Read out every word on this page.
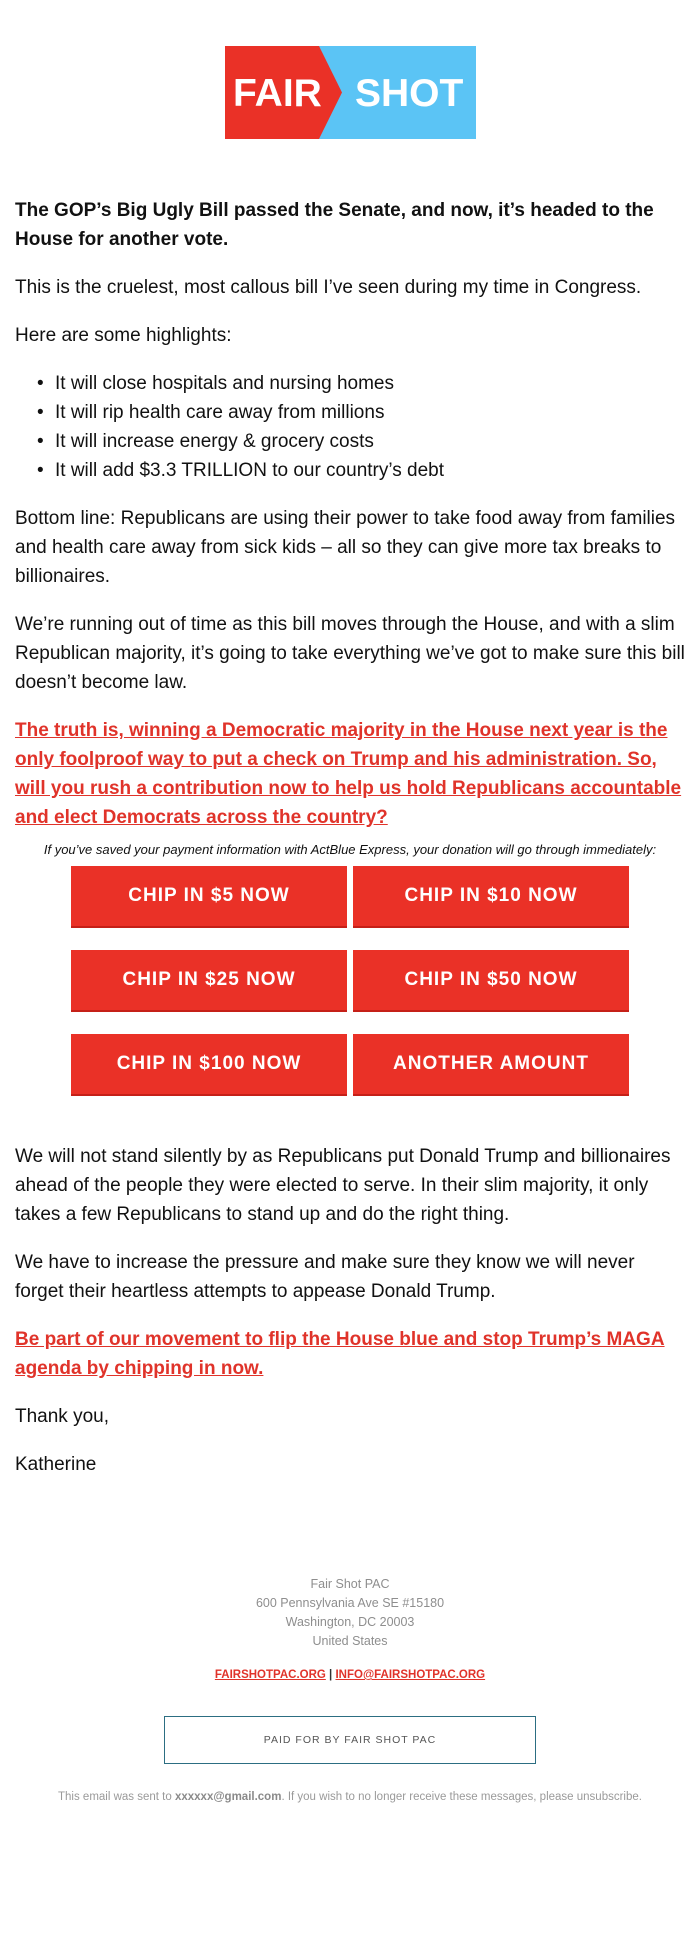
FAIR SHOT

The GOP’s Big Ugly Bill passed the Senate, and now, it’s headed to the House for another vote.

This is the cruelest, most callous bill I’ve seen during my time in Congress.

Here are some highlights:

• It will close hospitals and nursing homes
• It will rip health care away from millions
• It will increase energy & grocery costs
• It will add $3.3 TRILLION to our country’s debt

Bottom line: Republicans are using their power to take food away from families and health care away from sick kids – all so they can give more tax breaks to billionaires.

We’re running out of time as this bill moves through the House, and with a slim Republican majority, it’s going to take everything we’ve got to make sure this bill doesn’t become law.

The truth is, winning a Democratic majority in the House next year is the only foolproof way to put a check on Trump and his administration. So, will you rush a contribution now to help us hold Republicans accountable and elect Democrats across the country?

If you’ve saved your payment information with ActBlue Express, your donation will go through immediately:
CHIP IN $5 NOW	CHIP IN $10 NOW
CHIP IN $25 NOW	CHIP IN $50 NOW
CHIP IN $100 NOW	ANOTHER AMOUNT

We will not stand silently by as Republicans put Donald Trump and billionaires ahead of the people they were elected to serve. In their slim majority, it only takes a few Republicans to stand up and do the right thing.

We have to increase the pressure and make sure they know we will never forget their heartless attempts to appease Donald Trump.

Be part of our movement to flip the House blue and stop Trump’s MAGA agenda by chipping in now.

Thank you,

Katherine

Fair Shot PAC
600 Pennsylvania Ave SE #15180
Washington, DC 20003
United States
FAIRSHOTPAC.ORG | INFO@FAIRSHOTPAC.ORG
PAID FOR BY FAIR SHOT PAC
This email was sent to xxxxxx@gmail.com. If you wish to no longer receive these messages, please unsubscribe.
